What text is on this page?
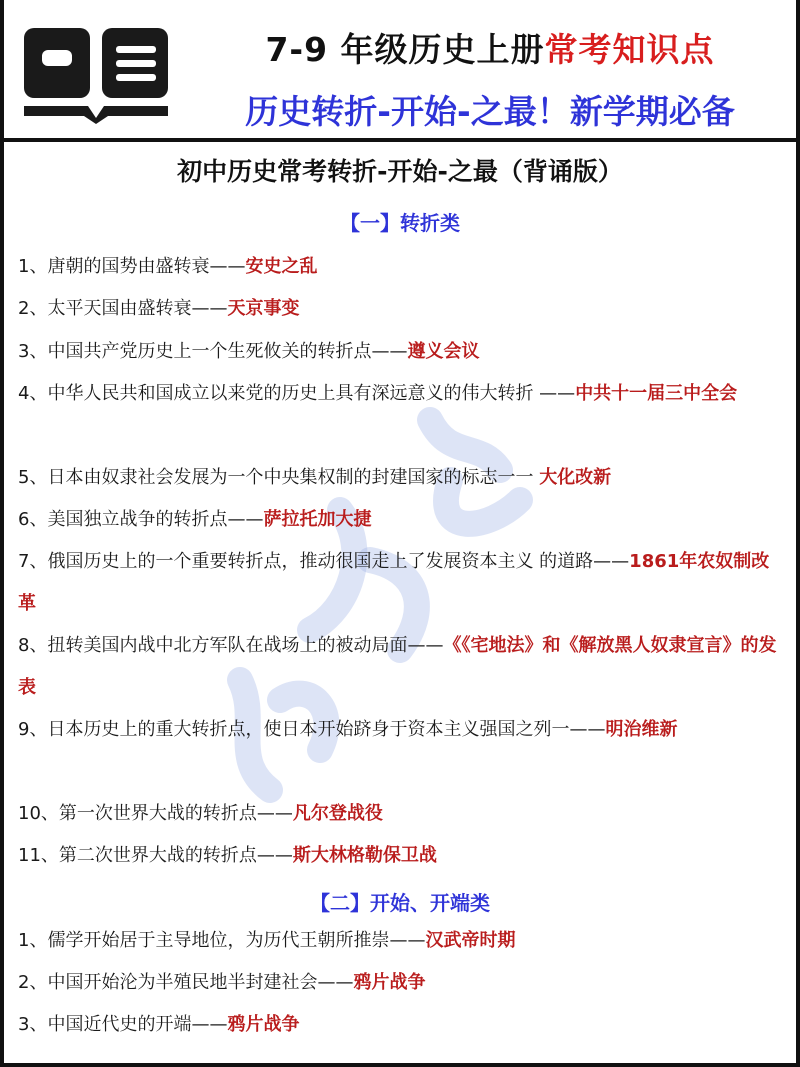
7-9 年级历史上册常考知识点
历史转折-开始-之最！新学期必备
初中历史常考转折-开始-之最（背诵版）
【一】转折类
1、唐朝的国势由盛转衰——安史之乱
2、太平天国由盛转衰——天京事变
3、中国共产党历史上一个生死攸关的转折点——遵义会议
4、中华人民共和国成立以来党的历史上具有深远意义的伟大转折 ——中共十一届三中全会
5、日本由奴隶社会发展为一个中央集权制的封建国家的标志一一 大化改新
6、美国独立战争的转折点——萨拉托加大捷
7、俄国历史上的一个重要转折点，推动很国走上了发展资本主义 的道路——1861年农奴制改革
8、扭转美国内战中北方军队在战场上的被动局面——《《宅地法》和《解放黑人奴隶宣言》的发表
9、日本历史上的重大转折点，使日本开始跻身于资本主义强国之列一——明治维新
10、第一次世界大战的转折点——凡尔登战役
11、第二次世界大战的转折点——斯大林格勒保卫战
【二】开始、开端类
1、儒学开始居于主导地位，为历代王朝所推崇——汉武帝时期
2、中国开始沦为半殖民地半封建社会——鸦片战争
3、中国近代史的开端——鸦片战争
